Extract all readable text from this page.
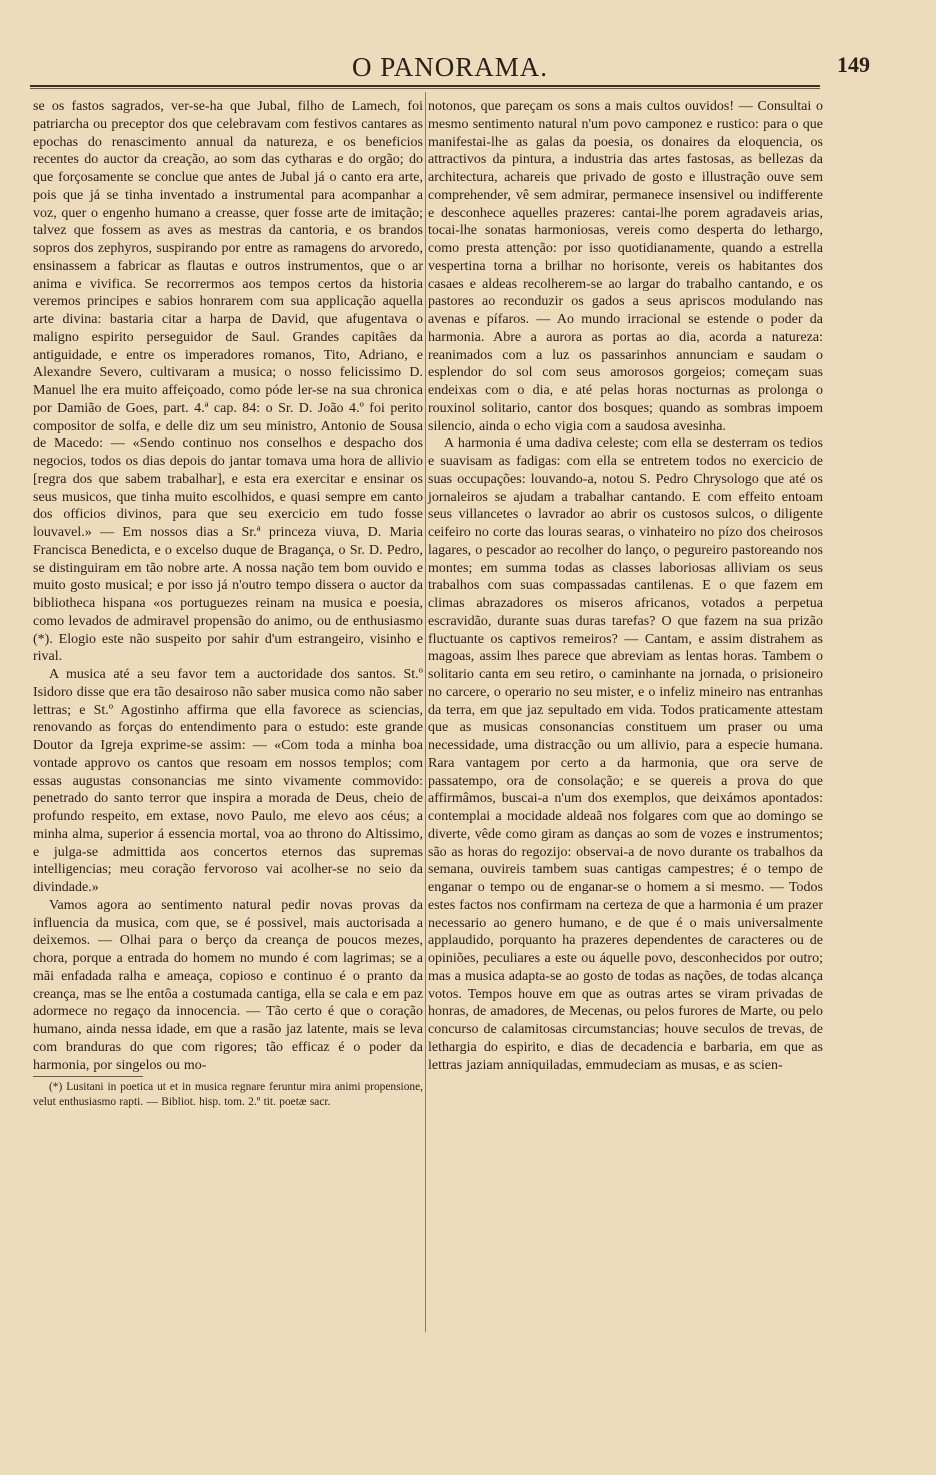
O PANORAMA.	149

se os fastos sagrados, ver-se-ha que Jubal, filho de Lamech, foi patriarcha ou preceptor dos que celebravam com festivos cantares as epochas do renascimento annual da natureza, e os beneficios recentes do auctor da creação, ao som das cytharas e do orgão; do que forçosamente se conclue que antes de Jubal já o canto era arte, pois que já se tinha inventado a instrumental para acompanhar a voz, quer o engenho humano a creasse, quer fosse arte de imitação; talvez que fossem as aves as mestras da cantoria, e os brandos sopros dos zephyros, suspirando por entre as ramagens do arvoredo, ensinassem a fabricar as flautas e outros instrumentos, que o ar anima e vivifica. Se recorrermos aos tempos certos da historia veremos principes e sabios honrarem com sua applicação aquella arte divina: bastaria citar a harpa de David, que afugentava o maligno espirito perseguidor de Saul. Grandes capitães da antiguidade, e entre os imperadores romanos, Tito, Adriano, e Alexandre Severo, cultivaram a musica; o nosso felicissimo D. Manuel lhe era muito affeiçoado, como póde ler-se na sua chronica por Damião de Goes, part. 4.ª cap. 84: o Sr. D. João 4.º foi perito compositor de solfa, e delle diz um seu ministro, Antonio de Sousa de Macedo: — «Sendo continuo nos conselhos e despacho dos negocios, todos os dias depois do jantar tomava uma hora de allivio [regra dos que sabem trabalhar], e esta era exercitar e ensinar os seus musicos, que tinha muito escolhidos, e quasi sempre em canto dos officios divinos, para que seu exercicio em tudo fosse louvavel.» — Em nossos dias a Sr.ª princeza viuva, D. Maria Francisca Benedicta, e o excelso duque de Bragança, o Sr. D. Pedro, se distinguiram em tão nobre arte. A nossa nação tem bom ouvido e muito gosto musical; e por isso já n'outro tempo dissera o auctor da bibliotheca hispana «os portuguezes reinam na musica e poesia, como levados de admiravel propensão do animo, ou de enthusiasmo (*). Elogio este não suspeito por sahir d'um estrangeiro, visinho e rival.

A musica até a seu favor tem a auctoridade dos santos. St.º Isidoro disse que era tão desairoso não saber musica como não saber lettras; e St.º Agostinho affirma que ella favorece as sciencias, renovando as forças do entendimento para o estudo: este grande Doutor da Igreja exprime-se assim: — «Com toda a minha boa vontade approvo os cantos que resoam em nossos templos; com essas augustas consonancias me sinto vivamente commovido: penetrado do santo terror que inspira a morada de Deus, cheio de profundo respeito, em extase, novo Paulo, me elevo aos céus; a minha alma, superior á essencia mortal, voa ao throno do Altissimo, e julga-se admittida aos concertos eternos das supremas intelligencias; meu coração fervoroso vai acolher-se no seio da divindade.»

Vamos agora ao sentimento natural pedir novas provas da influencia da musica, com que, se é possivel, mais auctorisada a deixemos. — Olhai para o berço da creança de poucos mezes, chora, porque a entrada do homem no mundo é com lagrimas; se a mãi enfadada ralha e ameaça, copioso e continuo é o pranto da creança, mas se lhe entôa a costumada cantiga, ella se cala e em paz adormece no regaço da innocencia. — Tão certo é que o coração humano, ainda nessa idade, em que a rasão jaz latente, mais se leva com branduras do que com rigores; tão efficaz é o poder da harmonia, por singelos ou mo-

(*) Lusitani in poetica ut et in musica regnare feruntur mira animi propensione, velut enthusiasmo rapti. — Bibliot. hisp. tom. 2.º tit. poetæ sacr.

notonos, que pareçam os sons a mais cultos ouvidos! — Consultai o mesmo sentimento natural n'um povo camponez e rustico: para o que manifestai-lhe as galas da poesia, os donaires da eloquencia, os attractivos da pintura, a industria das artes fastosas, as bellezas da architectura, achareis que privado de gosto e illustração ouve sem comprehender, vê sem admirar, permanece insensivel ou indifferente e desconhece aquelles prazeres: cantai-lhe porem agradaveis arias, tocai-lhe sonatas harmoniosas, vereis como desperta do lethargo, como presta attenção: por isso quotidianamente, quando a estrella vespertina torna a brilhar no horisonte, vereis os habitantes dos casaes e aldeas recolherem-se ao largar do trabalho cantando, e os pastores ao reconduzir os gados a seus apriscos modulando nas avenas e pífaros. — Ao mundo irracional se estende o poder da harmonia. Abre a aurora as portas ao dia, acorda a natureza: reanimados com a luz os passarinhos annunciam e saudam o esplendor do sol com seus amorosos gorgeios; começam suas endeixas com o dia, e até pelas horas nocturnas as prolonga o rouxinol solitario, cantor dos bosques; quando as sombras impoem silencio, ainda o echo vigia com a saudosa avesinha.

A harmonia é uma dadiva celeste; com ella se desterram os tedios e suavisam as fadigas: com ella se entretem todos no exercicio de suas occupações: louvando-a, notou S. Pedro Chrysologo que até os jornaleiros se ajudam a trabalhar cantando. E com effeito entoam seus villancetes o lavrador ao abrir os custosos sulcos, o diligente ceifeiro no corte das louras searas, o vinhateiro no pízo dos cheirosos lagares, o pescador ao recolher do lanço, o pegureiro pastoreando nos montes; em summa todas as classes laboriosas alliviam os seus trabalhos com suas compassadas cantilenas. E o que fazem em climas abrazadores os miseros africanos, votados a perpetua escravidão, durante suas duras tarefas? O que fazem na sua prizão fluctuante os captivos remeiros? — Cantam, e assim distrahem as magoas, assim lhes parece que abreviam as lentas horas. Tambem o solitario canta em seu retiro, o caminhante na jornada, o prisioneiro no carcere, o operario no seu mister, e o infeliz mineiro nas entranhas da terra, em que jaz sepultado em vida. Todos praticamente attestam que as musicas consonancias constituem um praser ou uma necessidade, uma distracção ou um allivio, para a especie humana. Rara vantagem por certo a da harmonia, que ora serve de passatempo, ora de consolação; e se quereis a prova do que affirmâmos, buscai-a n'um dos exemplos, que deixámos apontados: contemplai a mocidade aldeaã nos folgares com que ao domingo se diverte, vêde como giram as danças ao som de vozes e instrumentos; são as horas do regozijo: observai-a de novo durante os trabalhos da semana, ouvireis tambem suas cantigas campestres; é o tempo de enganar o tempo ou de enganar-se o homem a si mesmo. — Todos estes factos nos confirmam na certeza de que a harmonia é um prazer necessario ao genero humano, e de que é o mais universalmente applaudido, porquanto ha prazeres dependentes de caracteres ou de opiniões, peculiares a este ou áquelle povo, desconhecidos por outro; mas a musica adapta-se ao gosto de todas as nações, de todas alcança votos. Tempos houve em que as outras artes se viram privadas de honras, de amadores, de Mecenas, ou pelos furores de Marte, ou pelo concurso de calamitosas circumstancias; houve seculos de trevas, de lethargia do espirito, e dias de decadencia e barbaria, em que as lettras jaziam anniquiladas, emmudeciam as musas, e as scien-
